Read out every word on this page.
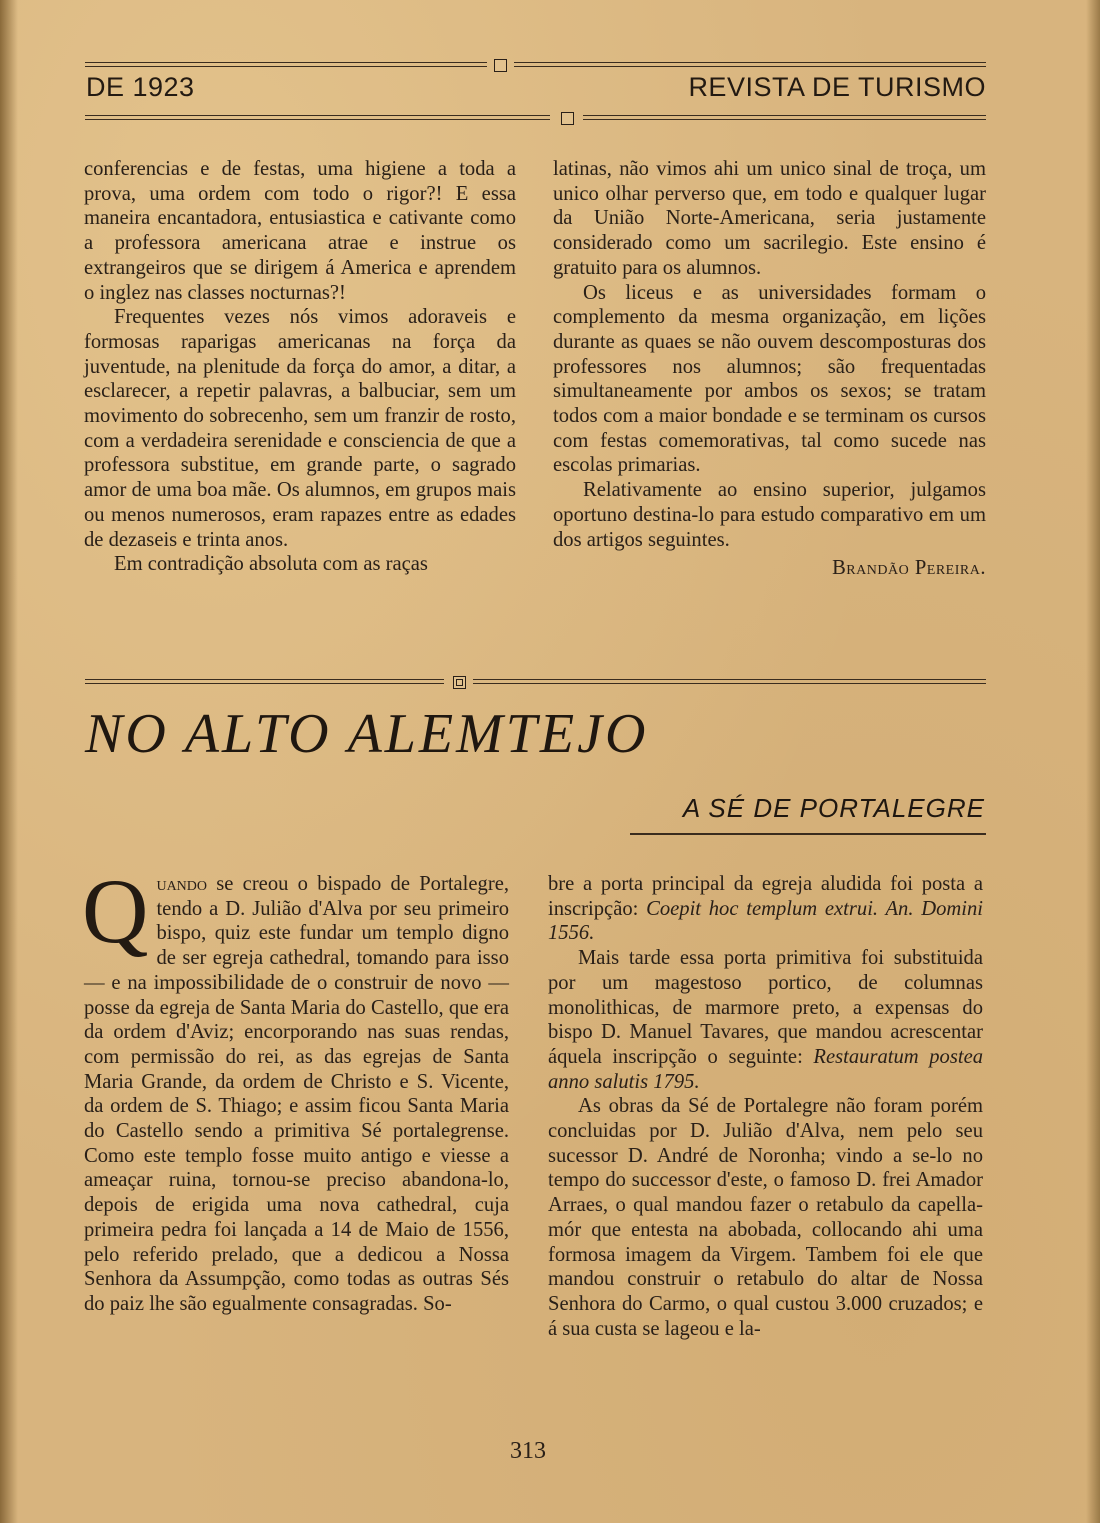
DE 1923	REVISTA DE TURISMO

conferencias e de festas, uma higiene a toda a prova, uma ordem com todo o rigor?! E essa maneira encantadora, entusiastica e cativante como a professora americana atrae e instrue os extrangeiros que se dirigem á America e aprendem o inglez nas classes nocturnas?!

Frequentes vezes nós vimos adoraveis e formosas raparigas americanas na força da juventude, na plenitude da força do amor, a ditar, a esclarecer, a repetir palavras, a balbuciar, sem um movimento do sobrecenho, sem um franzir de rosto, com a verdadeira serenidade e consciencia de que a professora substitue, em grande parte, o sagrado amor de uma boa mãe. Os alumnos, em grupos mais ou menos numerosos, eram rapazes entre as edades de dezaseis e trinta anos.

Em contradição absoluta com as raças

latinas, não vimos ahi um unico sinal de troça, um unico olhar perverso que, em todo e qualquer lugar da União Norte-Americana, seria justamente considerado como um sacrilegio. Este ensino é gratuito para os alumnos.

Os liceus e as universidades formam o complemento da mesma organização, em lições durante as quaes se não ouvem descomposturas dos professores nos alumnos; são frequentadas simultaneamente por ambos os sexos; se tratam todos com a maior bondade e se terminam os cursos com festas comemorativas, tal como sucede nas escolas primarias.

Relativamente ao ensino superior, julgamos oportuno destina-lo para estudo comparativo em um dos artigos seguintes.

Brandão Pereira.
NO ALTO ALEMTEJO
A SÉ DE PORTALEGRE

Quando se creou o bispado de Portalegre, tendo a D. Julião d'Alva por seu primeiro bispo, quiz este fundar um templo digno de ser egreja cathedral, tomando para isso — e na impossibilidade de o construir de novo — posse da egreja de Santa Maria do Castello, que era da ordem d'Aviz; encorporando nas suas rendas, com permissão do rei, as das egrejas de Santa Maria Grande, da ordem de Christo e S. Vicente, da ordem de S. Thiago; e assim ficou Santa Maria do Castello sendo a primitiva Sé portalegrense. Como este templo fosse muito antigo e viesse a ameaçar ruina, tornou-se preciso abandona-lo, depois de erigida uma nova cathedral, cuja primeira pedra foi lançada a 14 de Maio de 1556, pelo referido prelado, que a dedicou a Nossa Senhora da Assumpção, como todas as outras Sés do paiz lhe são egualmente consagradas. So-

bre a porta principal da egreja aludida foi posta a inscripção: Coepit hoc templum extrui. An. Domini 1556.

Mais tarde essa porta primitiva foi substituida por um magestoso portico, de columnas monolithicas, de marmore preto, a expensas do bispo D. Manuel Tavares, que mandou acrescentar áquela inscripção o seguinte: Restauratum postea anno salutis 1795.

As obras da Sé de Portalegre não foram porém concluidas por D. Julião d'Alva, nem pelo seu sucessor D. André de Noronha; vindo a se-lo no tempo do successor d'este, o famoso D. frei Amador Arraes, o qual mandou fazer o retabulo da capella-mór que entesta na abobada, collocando ahi uma formosa imagem da Virgem. Tambem foi ele que mandou construir o retabulo do altar de Nossa Senhora do Carmo, o qual custou 3.000 cruzados; e á sua custa se lageou e la-

313
